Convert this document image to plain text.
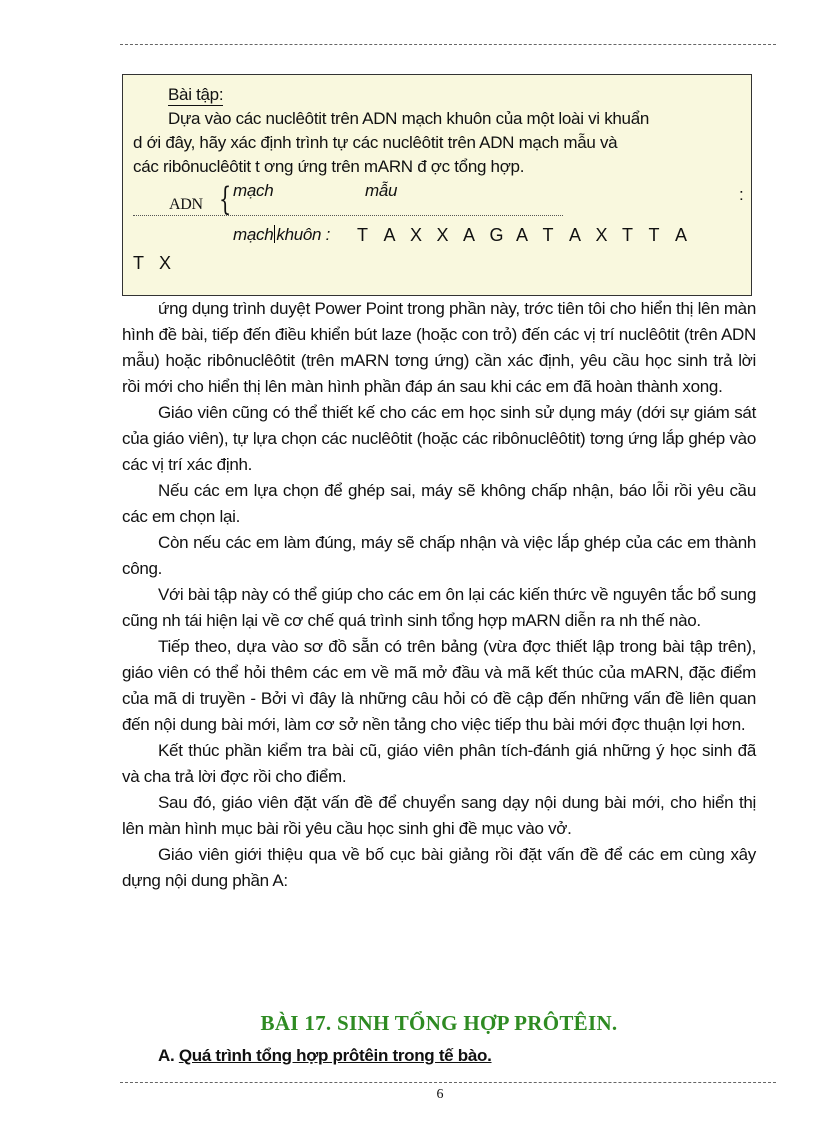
Bài tập:

Dựa vào các nuclêôtit trên ADN mạch khuôn của một loài vi khuẩn

d ới đây, hãy xác định trình tự các nuclêôtit trên ADN mạch mẫu và

các ribônuclêôtit t ơng ứng trên mARN đ ợc tổng hợp.

ADN { mạch	mẫu	:
mạch khuôn : T A X X A G A T A X T T A
T X

ứng dụng trình duyệt Power Point trong phần này, trớc tiên tôi cho hiển thị lên màn hình đề bài, tiếp đến điều khiển bút laze (hoặc con trỏ) đến các vị trí nuclêôtit (trên ADN mẫu) hoặc ribônuclêôtit (trên mARN tơng ứng) cần xác định, yêu cầu học sinh trả lời rồi mới cho hiển thị lên màn hình phần đáp án sau khi các em đã hoàn thành xong.

Giáo viên cũng có thể thiết kế cho các em học sinh sử dụng máy (dới sự giám sát của giáo viên), tự lựa chọn các nuclêôtit (hoặc các ribônuclêôtit) tơng ứng lắp ghép vào các vị trí xác định.

Nếu các em lựa chọn để ghép sai, máy sẽ không chấp nhận, báo lỗi rồi yêu cầu các em chọn lại.

Còn nếu các em làm đúng, máy sẽ chấp nhận và việc lắp ghép của các em thành công.

Với bài tập này có thể giúp cho các em ôn lại các kiến thức về nguyên tắc bổ sung cũng nh tái hiện lại về cơ chế quá trình sinh tổng hợp mARN diễn ra nh thế nào.

Tiếp theo, dựa vào sơ đồ sẵn có trên bảng (vừa đợc thiết lập trong bài tập trên), giáo viên có thể hỏi thêm các em về mã mở đầu và mã kết thúc của mARN, đặc điểm của mã di truyền - Bởi vì đây là những câu hỏi có đề cập đến những vấn đề liên quan đến nội dung bài mới, làm cơ sở nền tảng cho việc tiếp thu bài mới đợc thuận lợi hơn.

Kết thúc phần kiểm tra bài cũ, giáo viên phân tích-đánh giá những ý học sinh đã và cha trả lời đợc rồi cho điểm.

Sau đó, giáo viên đặt vấn đề để chuyển sang dạy nội dung bài mới, cho hiển thị lên màn hình mục bài rồi yêu cầu học sinh ghi đề mục vào vở.

Giáo viên giới thiệu qua về bố cục bài giảng rồi đặt vấn đề để các em cùng xây dựng nội dung phần A:

BÀI 17. SINH TỔNG HỢP PRÔTÊIN.
A. Quá trình tổng hợp prôtêin trong tế bào.
6
